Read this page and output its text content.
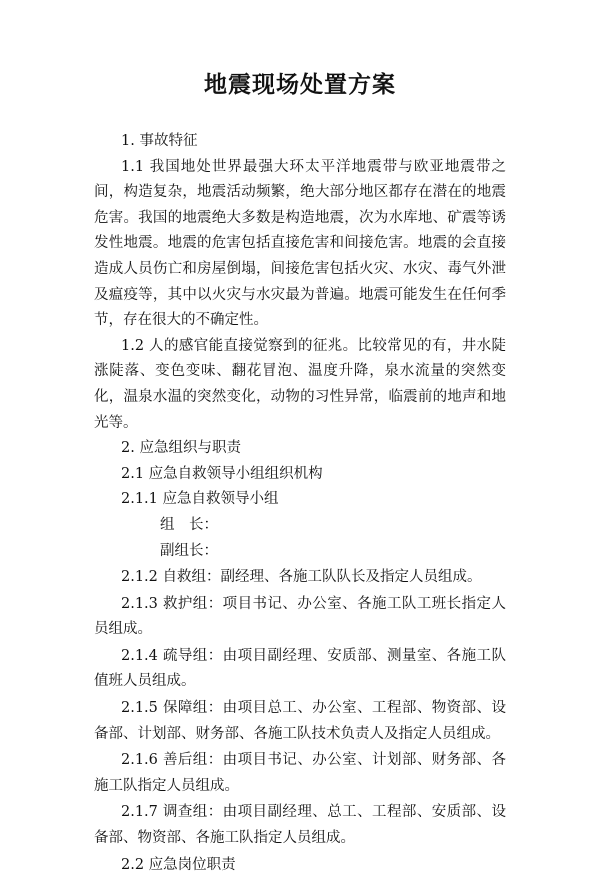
地震现场处置方案

1. 事故特征

1.1 我国地处世界最强大环太平洋地震带与欧亚地震带之间，构造复杂，地震活动频繁，绝大部分地区都存在潜在的地震危害。我国的地震绝大多数是构造地震，次为水库地、矿震等诱发性地震。地震的危害包括直接危害和间接危害。地震的会直接造成人员伤亡和房屋倒塌，间接危害包括火灾、水灾、毒气外泄及瘟疫等，其中以火灾与水灾最为普遍。地震可能发生在任何季节，存在很大的不确定性。

1.2 人的感官能直接觉察到的征兆。比较常见的有，井水陡涨陡落、变色变味、翻花冒泡、温度升降，泉水流量的突然变化，温泉水温的突然变化，动物的习性异常，临震前的地声和地光等。

2. 应急组织与职责

2.1 应急自救领导小组组织机构

2.1.1 应急自救领导小组

组　长：

副组长：

2.1.2 自救组：副经理、各施工队队长及指定人员组成。

2.1.3 救护组：项目书记、办公室、各施工队工班长指定人员组成。

2.1.4 疏导组：由项目副经理、安质部、测量室、各施工队值班人员组成。

2.1.5 保障组：由项目总工、办公室、工程部、物资部、设备部、计划部、财务部、各施工队技术负责人及指定人员组成。

2.1.6 善后组：由项目书记、办公室、计划部、财务部、各施工队指定人员组成。

2.1.7 调查组：由项目副经理、总工、工程部、安质部、设备部、物资部、各施工队指定人员组成。

2.2 应急岗位职责
